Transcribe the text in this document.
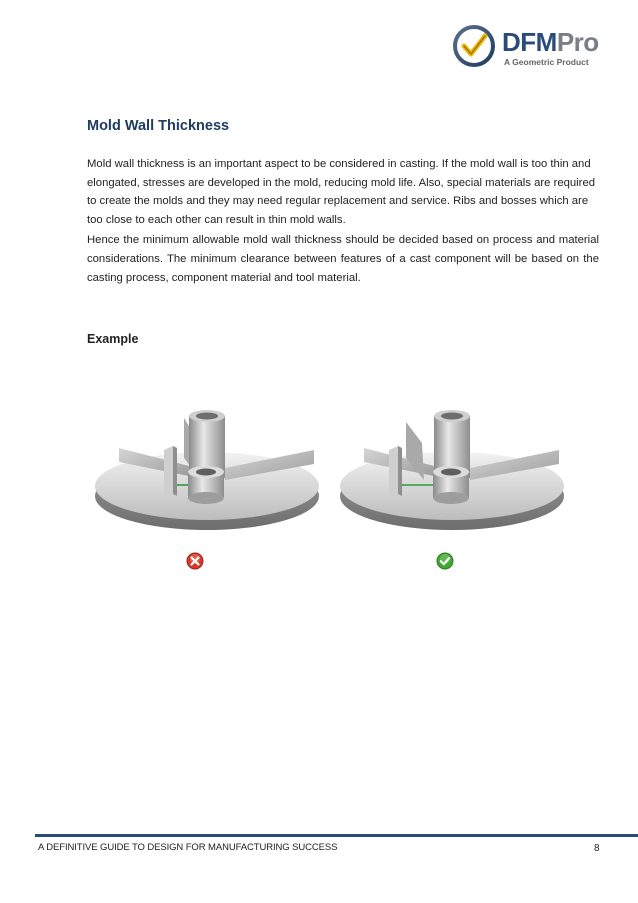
DFMPro
A Geometric Product
Mold Wall Thickness

Mold wall thickness is an important aspect to be considered in casting. If the mold wall is too thin and elongated, stresses are developed in the mold, reducing mold life. Also, special materials are required to create the molds and they may need regular replacement and service. Ribs and bosses which are too close to each other can result in thin mold walls.

Hence the minimum allowable mold wall thickness should be decided based on process and material considerations. The minimum clearance between features of a cast component will be based on the casting process, component material and tool material.

Example
A DEFINITIVE GUIDE TO DESIGN FOR MANUFACTURING SUCCESS	8
